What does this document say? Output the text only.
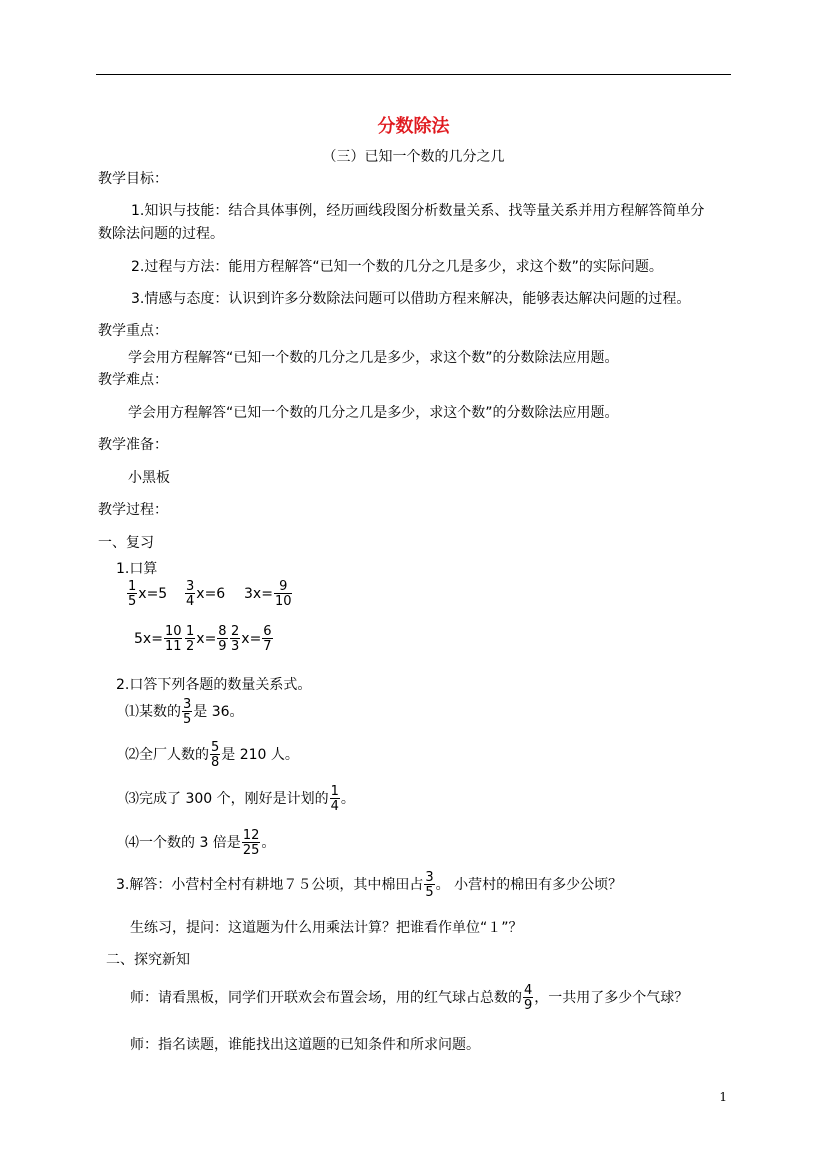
分数除法
（三）已知一个数的几分之几
教学目标：
1.知识与技能：结合具体事例，经历画线段图分析数量关系、找等量关系并用方程解答简单分
数除法问题的过程。
2.过程与方法：能用方程解答“已知一个数的几分之几是多少，求这个数”的实际问题。
3.情感与态度：认识到许多分数除法问题可以借助方程来解决，能够表达解决问题的过程。
教学重点：
学会用方程解答“已知一个数的几分之几是多少，求这个数”的分数除法应用题。
教学难点：
学会用方程解答“已知一个数的几分之几是多少，求这个数”的分数除法应用题。
教学准备：
小黑板
教学过程：
一、复习
1.口算
$\frac{1}{5} x=5 \frac{3}{4} x=6$ $3x= \frac{9}{10}$
$5x= \frac{10}{11} \frac{1}{2} x= \frac{8}{9} \frac{2}{3} x= \frac{6}{7}$
2.口答下列各题的数量关系式。
⑴某数的 $\frac{3}{5}$ 是 36。
⑵全厂人数的 $\frac{5}{8}$ 是 210 人。
⑶完成了 300 个，刚好是计划的 $\frac{1}{4}$ 。
⑷一个数的 3 倍是 $\frac{12}{25}$ 。
3.解答：小营村全村有耕地７５公顷，其中棉田占 $\frac{3}{5}$ 。 小营村的棉田有多少公顷？
生练习，提问：这道题为什么用乘法计算？把谁看作单位“１”？
二、探究新知
师：请看黑板，同学们开联欢会布置会场，用的红气球占总数的 $\frac{4}{9}$ ，一共用了多少个气球？
师：指名读题，谁能找出这道题的已知条件和所求问题。
1
